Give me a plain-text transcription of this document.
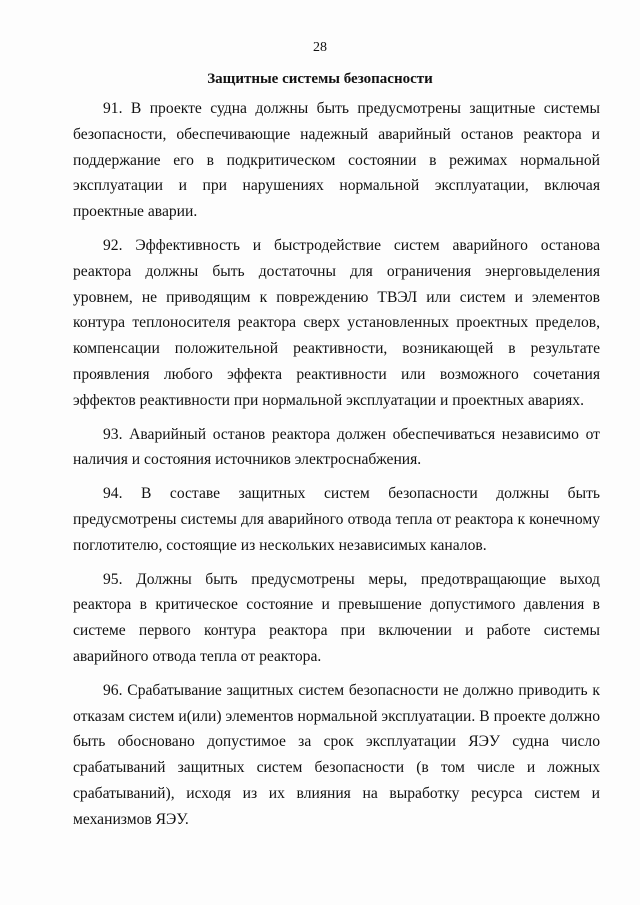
28
Защитные системы безопасности

91. В проекте судна должны быть предусмотрены защитные системы безопасности, обеспечивающие надежный аварийный останов реактора и поддержание его в подкритическом состоянии в режимах нормальной эксплуатации и при нарушениях нормальной эксплуатации, включая проектные аварии.

92. Эффективность и быстродействие систем аварийного останова реактора должны быть достаточны для ограничения энерговыделения уровнем, не приводящим к повреждению ТВЭЛ или систем и элементов контура теплоносителя реактора сверх установленных проектных пределов, компенсации положительной реактивности, возникающей в результате проявления любого эффекта реактивности или возможного сочетания эффектов реактивности при нормальной эксплуатации и проектных авариях.

93. Аварийный останов реактора должен обеспечиваться независимо от наличия и состояния источников электроснабжения.

94. В составе защитных систем безопасности должны быть предусмотрены системы для аварийного отвода тепла от реактора к конечному поглотителю, состоящие из нескольких независимых каналов.

95. Должны быть предусмотрены меры, предотвращающие выход реактора в критическое состояние и превышение допустимого давления в системе первого контура реактора при включении и работе системы аварийного отвода тепла от реактора.

96. Срабатывание защитных систем безопасности не должно приводить к отказам систем и(или) элементов нормальной эксплуатации. В проекте должно быть обосновано допустимое за срок эксплуатации ЯЭУ судна число срабатываний защитных систем безопасности (в том числе и ложных срабатываний), исходя из их влияния на выработку ресурса систем и механизмов ЯЭУ.
